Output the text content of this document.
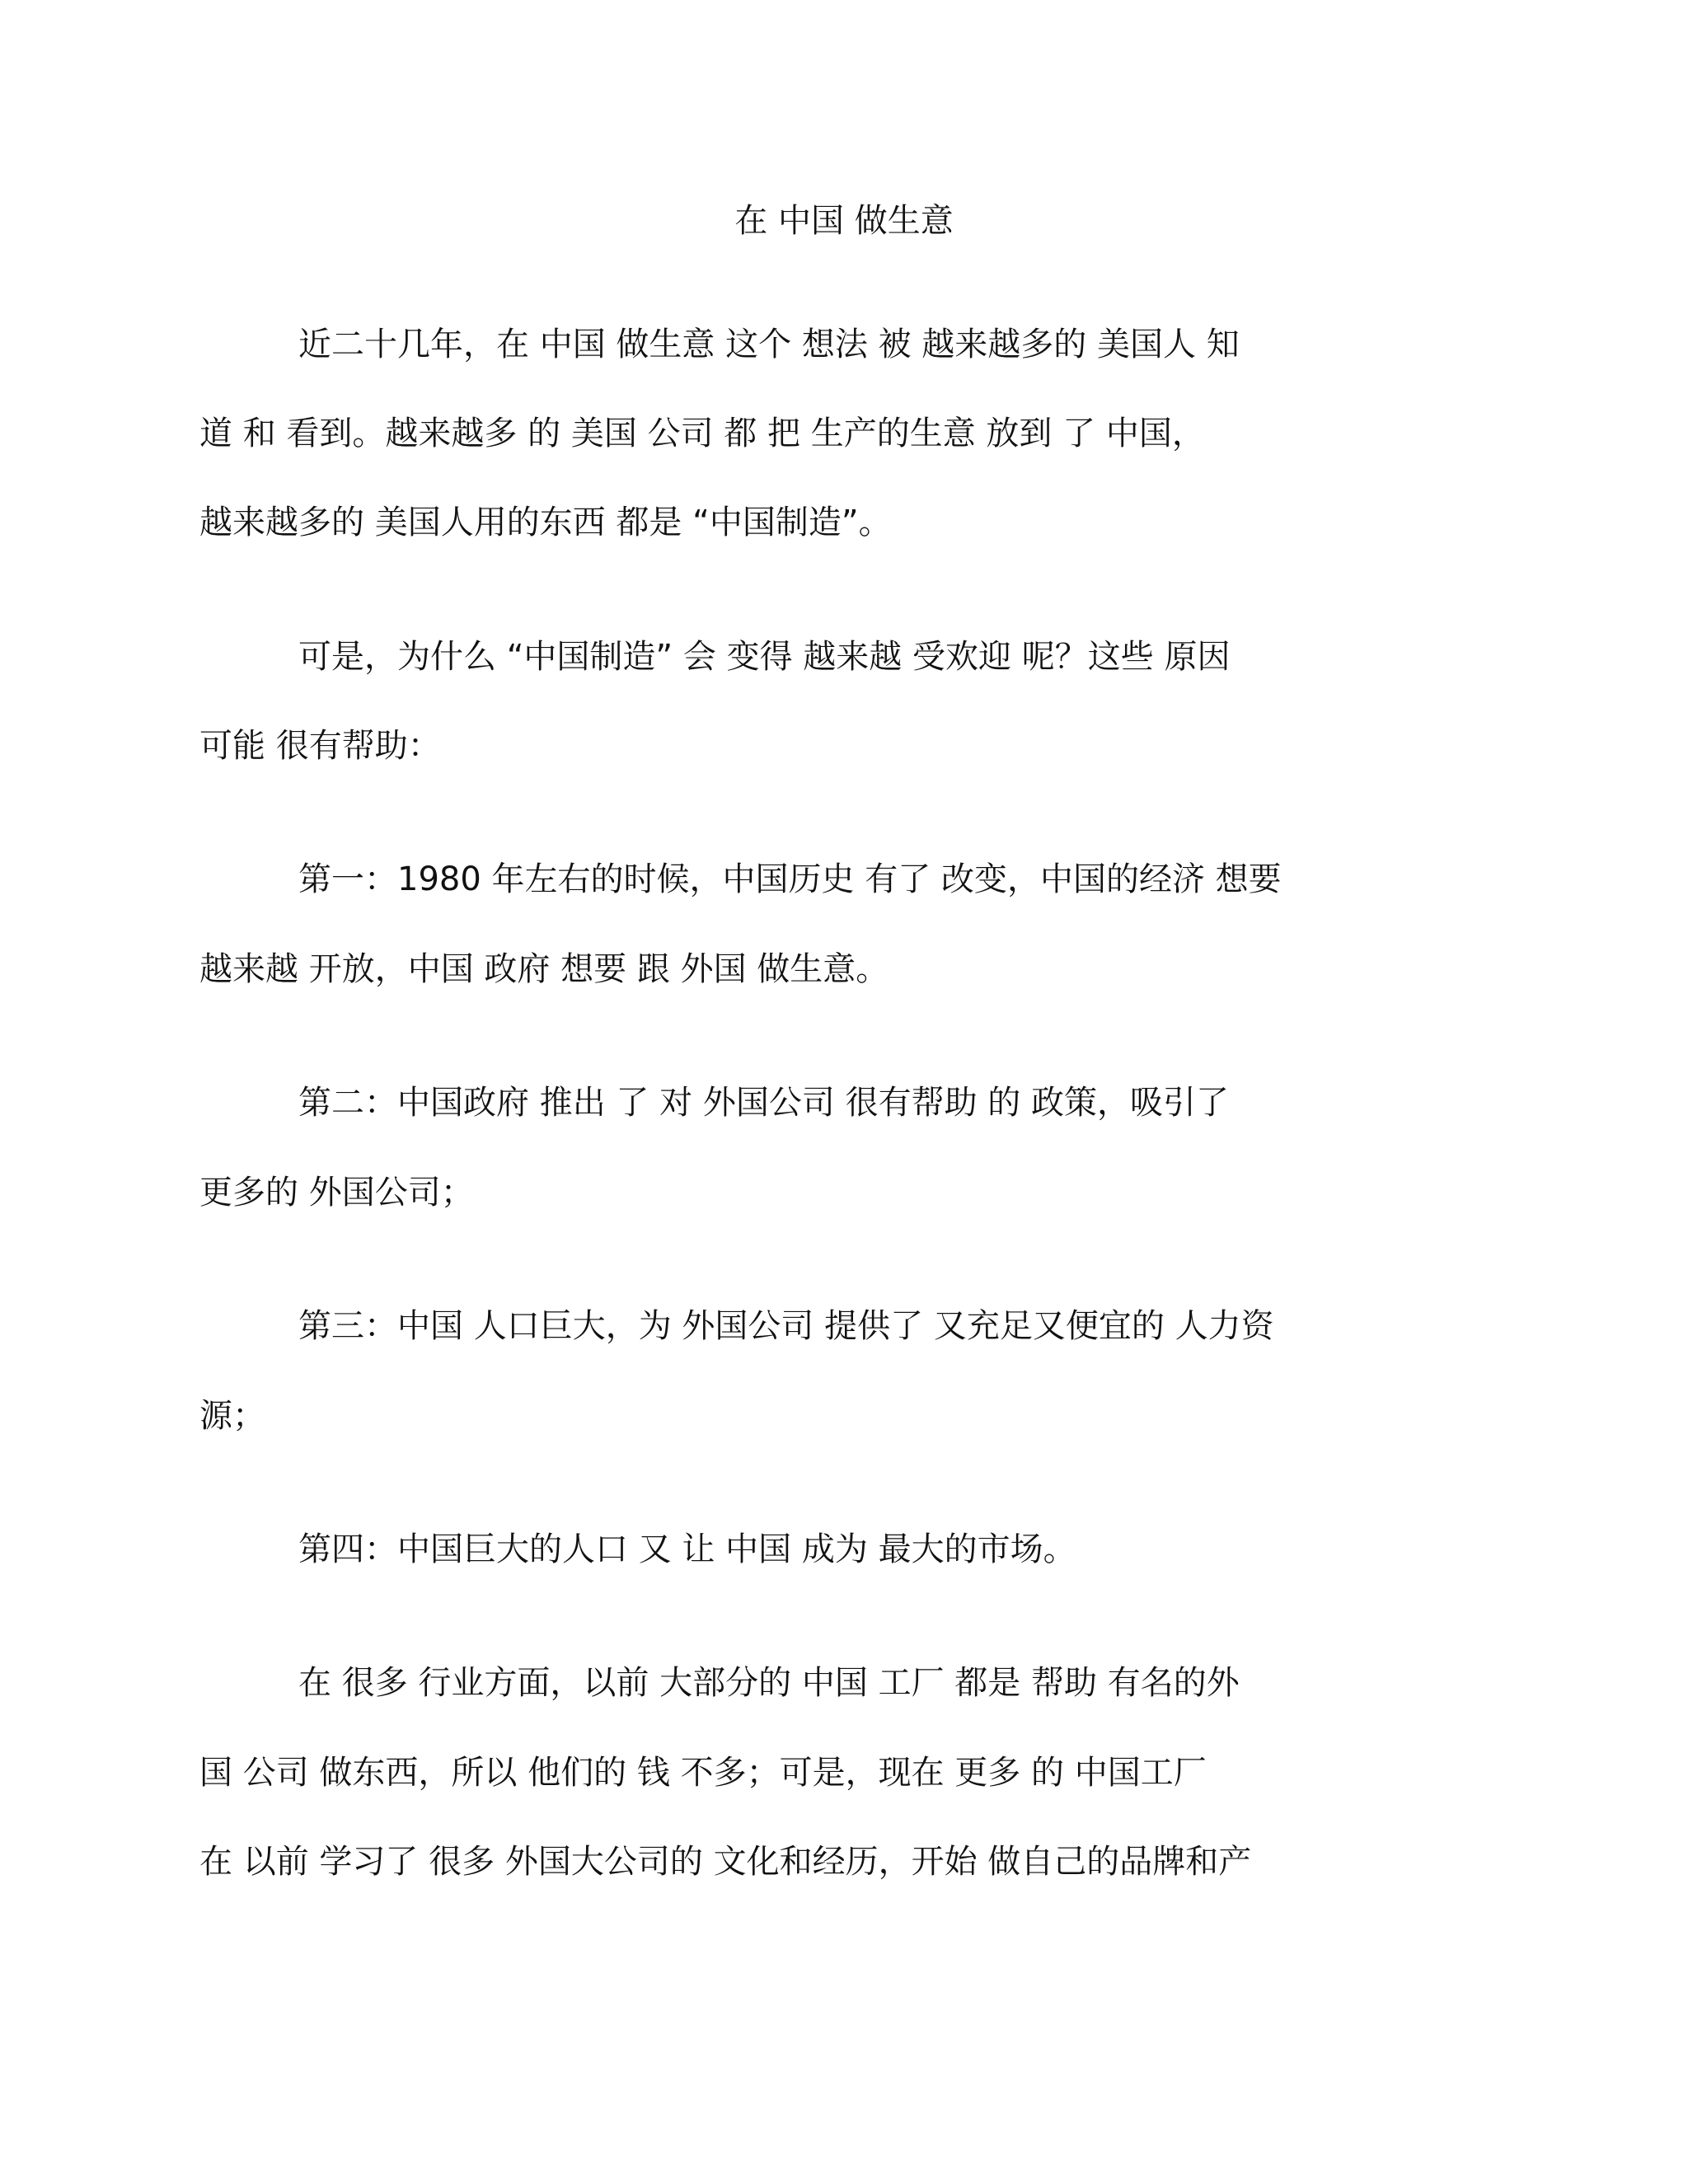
在 中国 做生意

近二十几年，在 中国 做生意 这个 想法 被 越来越多的 美国人 知

道 和 看到。越来越多 的 美国 公司 都 把 生产的生意 放到 了 中国，

越来越多的 美国人用的东西 都是 “中国制造”。

可是，为什么 “中国制造” 会 变得 越来越 受欢迎 呢？这些 原因

可能 很有帮助：

第一：1980 年左右的时候，中国历史 有了 改变，中国的经济 想要

越来越 开放，中国 政府 想要 跟 外国 做生意。

第二：中国政府 推出 了 对 外国公司 很有帮助 的 政策，吸引了

更多的 外国公司；

第三：中国 人口巨大，为 外国公司 提供了 又充足又便宜的 人力资

源；

第四：中国巨大的人口 又 让 中国 成为 最大的市场。

在 很多 行业方面，以前 大部分的 中国 工厂 都是 帮助 有名的外

国 公司 做东西，所以 他们的 钱 不多；可是，现在 更多 的 中国工厂

在 以前 学习了 很多 外国大公司的 文化和经历，开始 做自己的品牌和产
